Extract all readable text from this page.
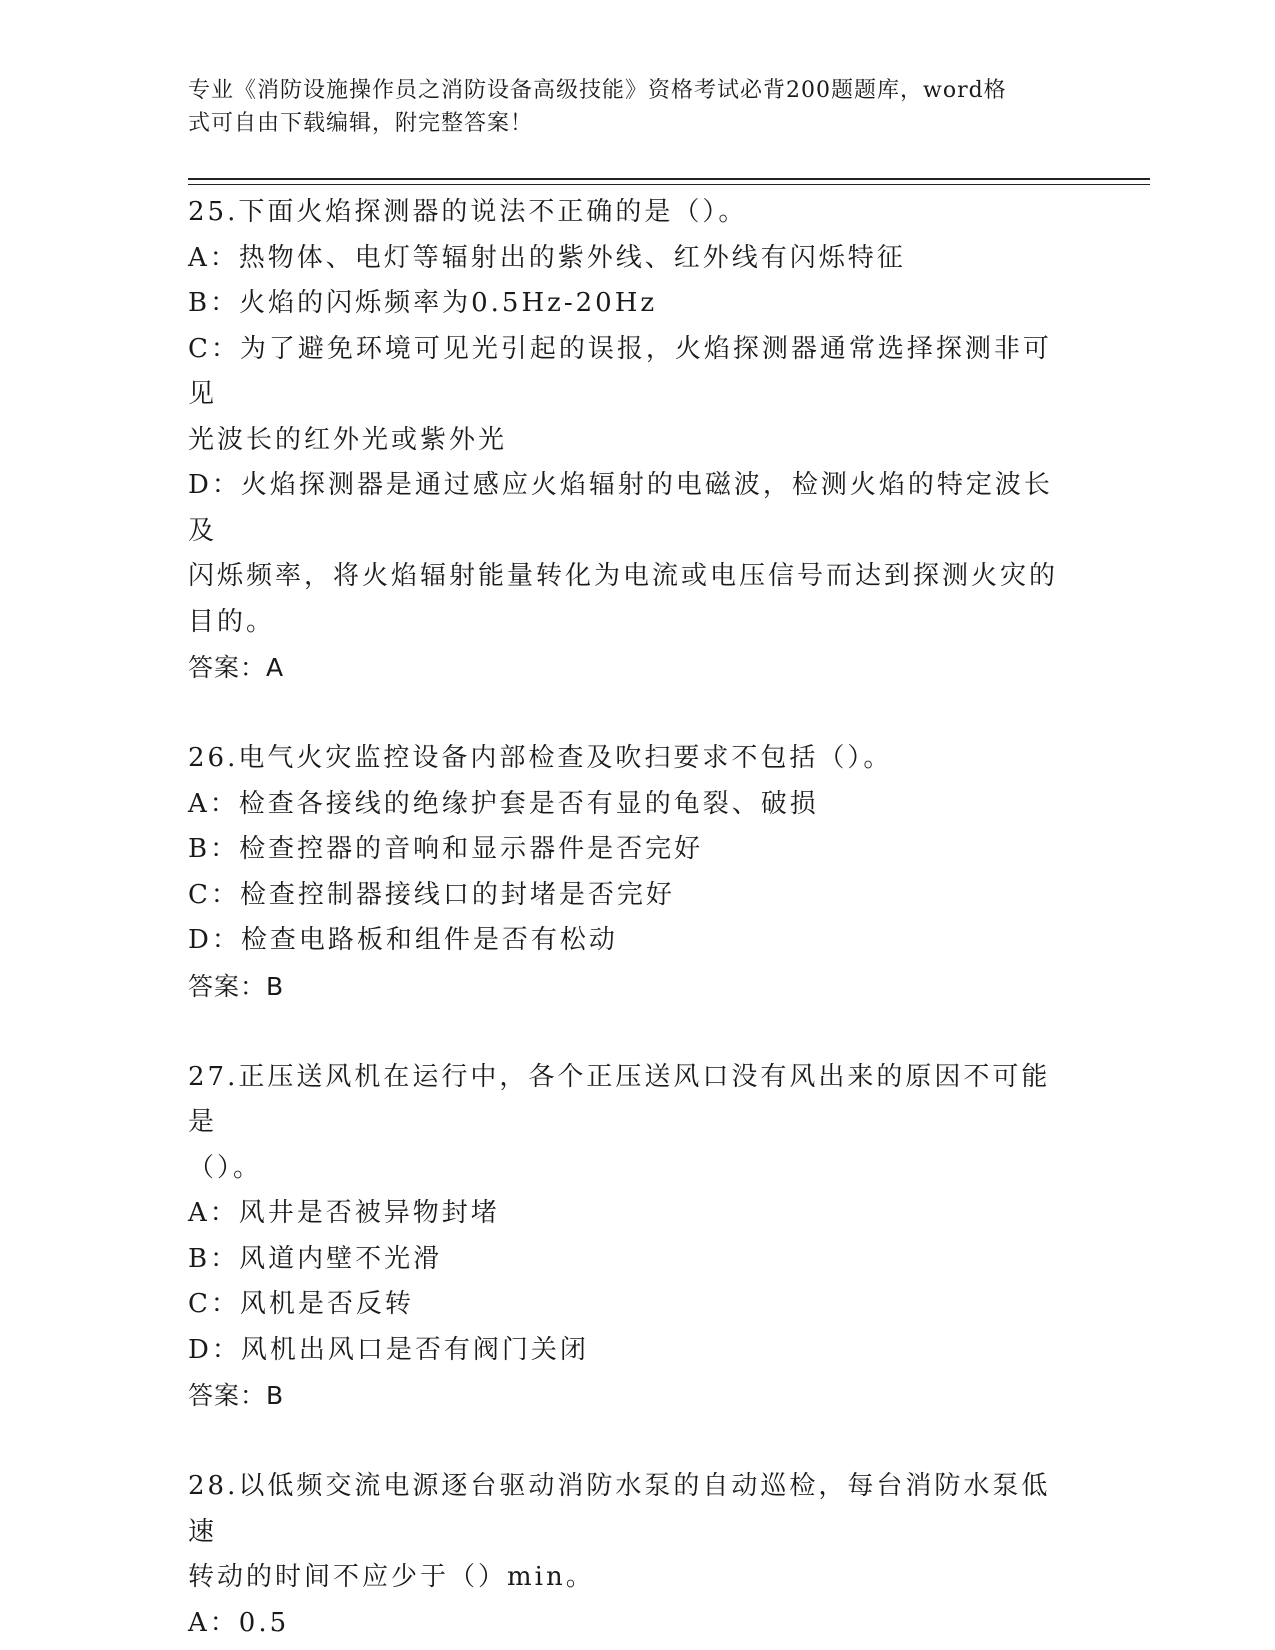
专业《消防设施操作员之消防设备高级技能》资格考试必背200题题库，word格
式可自由下载编辑，附完整答案！

25.下面火焰探测器的说法不正确的是（）。

A：热物体、电灯等辐射出的紫外线、红外线有闪烁特征

B：火焰的闪烁频率为0.5Hz-20Hz

C：为了避免环境可见光引起的误报，火焰探测器通常选择探测非可见

光波长的红外光或紫外光

D：火焰探测器是通过感应火焰辐射的电磁波，检测火焰的特定波长及

闪烁频率，将火焰辐射能量转化为电流或电压信号而达到探测火灾的

目的。

答案：A

26.电气火灾监控设备内部检查及吹扫要求不包括（）。

A：检查各接线的绝缘护套是否有显的龟裂、破损

B：检查控器的音响和显示器件是否完好

C：检查控制器接线口的封堵是否完好

D：检查电路板和组件是否有松动

答案：B

27.正压送风机在运行中，各个正压送风口没有风出来的原因不可能是

（）。

A：风井是否被异物封堵

B：风道内壁不光滑

C：风机是否反转

D：风机出风口是否有阀门关闭

答案：B

28.以低频交流电源逐台驱动消防水泵的自动巡检，每台消防水泵低速

转动的时间不应少于（）min。

A：0.5
